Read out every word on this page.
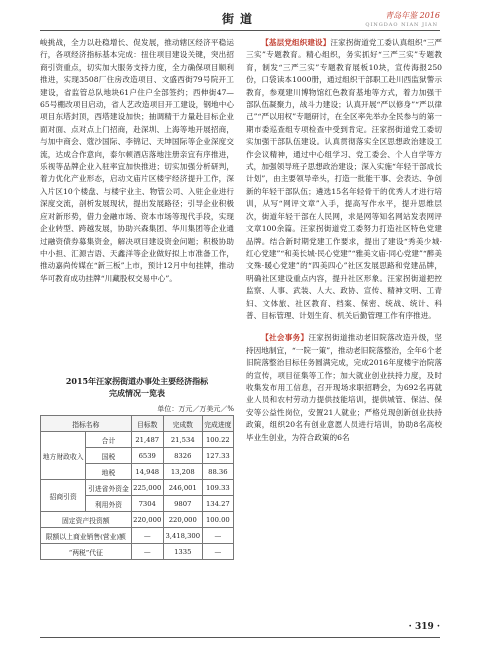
街道	青岛年鉴 2016
QINGDAO NIAN JIAN

峻挑战，全力以赴稳增长、促发展，推动辖区经济平稳运行，各项经济指标基本完成：扭住项目建设关键，突出招商引资重点，切实加大服务支持力度，全力确保项目顺利推进，实现3508厂住房改造项目、文盛西街79号院开工建设，省监管总队地块61户住户全部签约；西伸街47—65号棚改项目启动，省人艺改造项目开工建设，钢地中心项目东塔封顶，西塔建设加快；抽调精干力量赴目标企业面对面、点对点上门招商，赴深圳、上海等地开展招商，与加中商会、蔻沙国际、李锦记、天坤国际等企业深度交流，达成合作意向，泰尔顿酒店落地注册亲宜有序推进，乐视等品牌企业入驻率宜加快推进；切实加强分析研判，着力优化产业形态，启动文庙片区楼宇经济提升工作，深入片区10个楼盘、与楼宇业主、物管公司、入驻企业进行深度交流，剖析发展现状，提出发展路径；引导企业积极应对新形势，借力金融市场、资本市场等现代手段，实现企业转型、跨越发展，协助兴森集团、华川集团等企业通过融资债券募集资金，解决项目建设资金问题；积极协助中小担、汇源吉语、天鑫洋等企业做好拟上市准备工作，推动嘉尚传媒在“新三板”上市，预计12月中旬挂牌，推动华可教育成功挂牌“川藏股权交易中心”。

2015年汪家拐街道办事处主要经济指标
完成情况一览表
单位：万元／万美元／%
指标名称		目标数	完成数	完成进度
地方财政收入	合计	21,487	21,534	100.22
	国税	6539	8326	127.33
	地税	14,948	13,208	88.36
招商引资	引进省外资金	225,000	246,001	109.33
	利用外资	7304	9807	134.27
固定资产投资额		220,000	220,000	100.00
限额以上商业销售(营业)额		—	3,418,300	—
“两税”代征		—	1335	—

【基层党组织建设】汪家拐街道党工委认真组织“三严三实”专题教育。精心组织，务实抓好“三严三实”专题教育，制发“三严三实”专题教育展板10块，宣传海报250份，口袋读本1000册，通过组织干部职工赴川西监狱警示教育，参观建川博物馆红色教育基地等方式，着力加强干部队伍凝聚力，战斗力建设；认真开展“严以修身”“严以律己”“严以用权”专题研讨，在全区率先举办全民参与的第一期市委巡查组专项检查中受到肯定。汪家拐街道党工委切实加强干部队伍建设。认真贯彻落实全区思想政治建设工作会议精神，通过中心组学习、党工委会、个人自学等方式，加强领导班子思想政治建设；深入实施“年轻干部成长计划”，由主要领导牵头，打造一批能干事、会表达、争创新的年轻干部队伍；遴选15名年轻骨干的优秀人才进行培训，从写“网评文章”入手，提高写作水平，提升思维层次，街道年轻干部在人民网，求是网等知名网站发表网评文章100余篇。汪家拐街道党工委努力打造社区特色党建品牌。结合新时期党建工作要求，提出了建设“秀美少城·红心党建”“和美长城·民心党建”“雅美文庙·同心党建”“醉美文殊·暖心党建”的“四美四心”社区发展思路和党建品牌，明确社区建设重点内容，提升社区形象。汪家拐街道把控监察、人事、武装、人大、政协、宣传、精神文明、工青妇、文体旅、社区教育、档案、保密、统战、统计、科普、目标管理、计划生育、机关后勤管理工作有序推进。

【社会事务】汪家拐街道推动老旧院落改造升级，坚持因地制宜，“一院一策”，推动老旧院落整治，全年6个老旧院落整治目标任务圆满完成，完成2016年度楼宇治院落的宣传，项目征集等工作；加大就业创业扶持力度，及时收集发布用工信息，召开现场求职招聘会，为692名再就业人员和农村劳动力提供技能培训，提供城管、保洁、保安等公益性岗位，安置21人就业；严格兑现创新创业扶持政策，组织20名有创业意愿人员进行培训，协助8名高校毕业生创业，为符合政策的6名

· 319 ·
